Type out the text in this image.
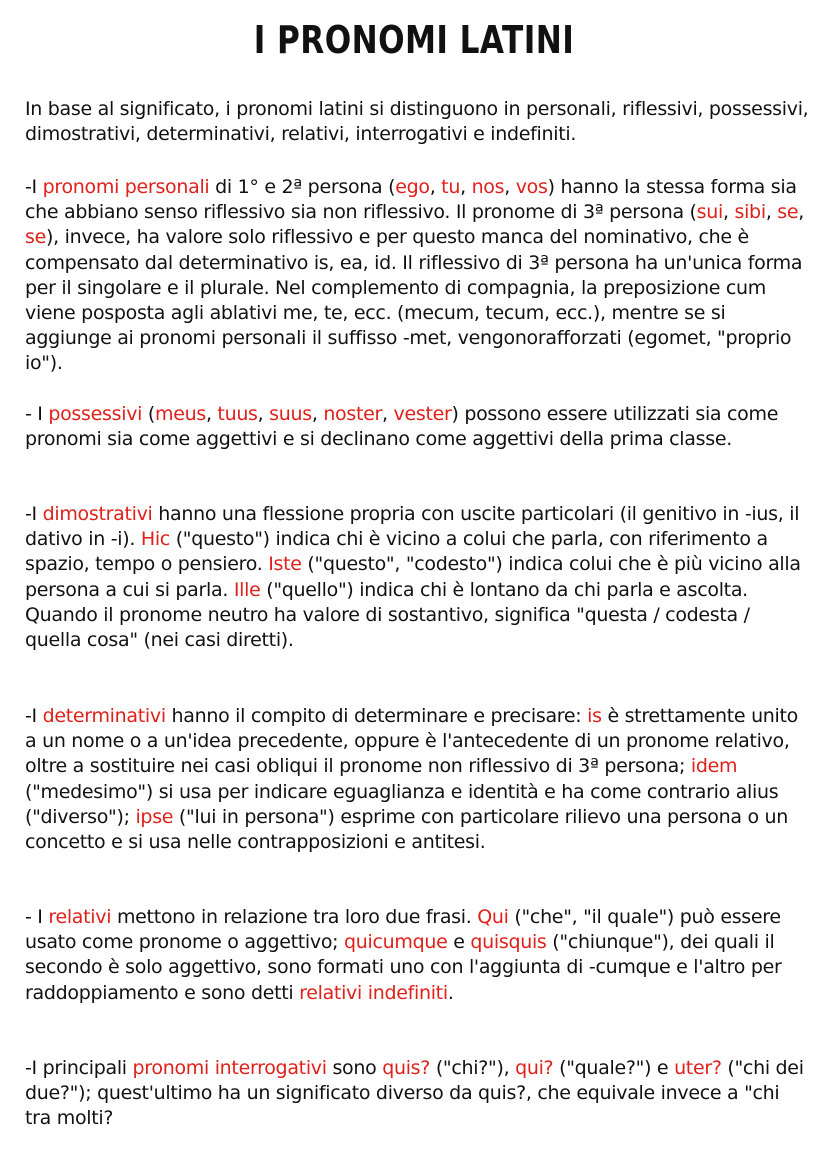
I PRONOMI LATINI

In base al significato, i pronomi latini si distinguono in personali, riflessivi, possessivi, dimostrativi, determinativi, relativi, interrogativi e indefiniti.

-I pronomi personali di 1° e 2ª persona (ego, tu, nos, vos) hanno la stessa forma sia che abbiano senso riflessivo sia non riflessivo. Il pronome di 3ª persona (sui, sibi, se, se), invece, ha valore solo riflessivo e per questo manca del nominativo, che è compensato dal determinativo is, ea, id. Il riflessivo di 3ª persona ha un'unica forma per il singolare e il plurale. Nel complemento di compagnia, la preposizione cum viene posposta agli ablativi me, te, ecc. (mecum, tecum, ecc.), mentre se si aggiunge ai pronomi personali il suffisso -met, vengonorafforzati (egomet, "proprio io").

- I possessivi (meus, tuus, suus, noster, vester) possono essere utilizzati sia come pronomi sia come aggettivi e si declinano come aggettivi della prima classe.

-I dimostrativi hanno una flessione propria con uscite particolari (il genitivo in -ius, il dativo in -i). Hic ("questo") indica chi è vicino a colui che parla, con riferimento a spazio, tempo o pensiero. Iste ("questo", "codesto") indica colui che è più vicino alla persona a cui si parla. Ille ("quello") indica chi è lontano da chi parla e ascolta. Quando il pronome neutro ha valore di sostantivo, significa "questa / codesta / quella cosa" (nei casi diretti).

-I determinativi hanno il compito di determinare e precisare: is è strettamente unito a un nome o a un'idea precedente, oppure è l'antecedente di un pronome relativo, oltre a sostituire nei casi obliqui il pronome non riflessivo di 3ª persona; idem ("medesimo") si usa per indicare eguaglianza e identità e ha come contrario alius ("diverso"); ipse ("lui in persona") esprime con particolare rilievo una persona o un concetto e si usa nelle contrapposizioni e antitesi.

- I relativi mettono in relazione tra loro due frasi. Qui ("che", "il quale") può essere usato come pronome o aggettivo; quicumque e quisquis ("chiunque"), dei quali il secondo è solo aggettivo, sono formati uno con l'aggiunta di -cumque e l'altro per raddoppiamento e sono detti relativi indefiniti.

-I principali pronomi interrogativi sono quis? ("chi?"), qui? ("quale?") e uter? ("chi dei due?"); quest'ultimo ha un significato diverso da quis?, che equivale invece a "chi tra molti?
